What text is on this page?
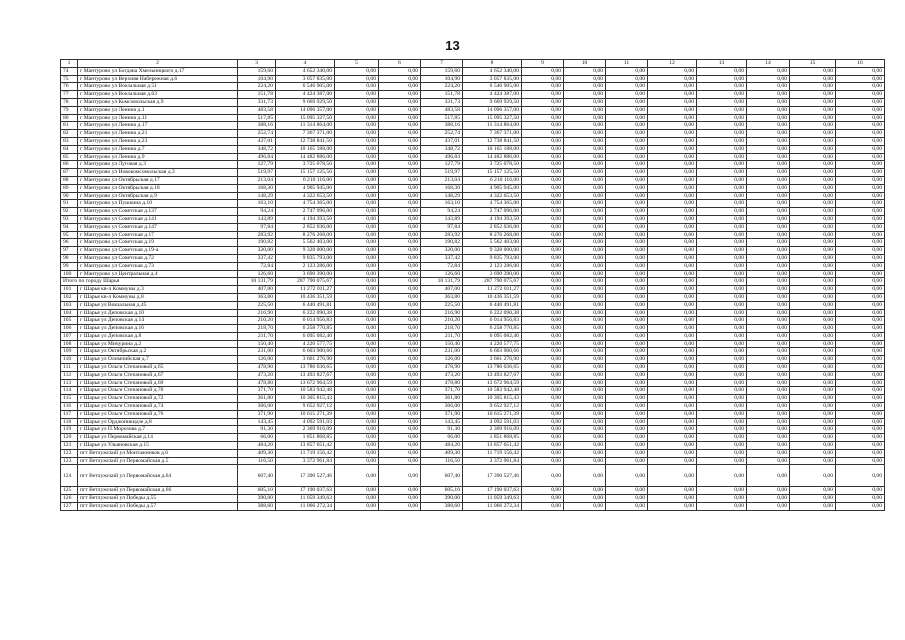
13
1	2	3	4	5	6	7	8	9	10	11	12	13	14	15	16
74	г Мантурово ул Богдана Хмельницкого д.17	159,60	4 652 340,00	0,00	0,00	159,60	4 652 340,00	0,00	0,00	0,00	0,00	0,00	0,00	0,00	0,00
75	г Мантурово ул Верхняя Набережная д.6	104,90	3 057 835,00	0,00	0,00	104,90	3 057 835,00	0,00	0,00	0,00	0,00	0,00	0,00	0,00	0,00
76	г Мантурово ул Вокзальная д.51	224,20	6 546 905,00	0,00	0,00	224,20	6 546 905,00	0,00	0,00	0,00	0,00	0,00	0,00	0,00	0,00
77	г Мантурово ул Вокзальная д.63	151,78	4 424 387,00	0,00	0,00	151,78	4 424 387,00	0,00	0,00	0,00	0,00	0,00	0,00	0,00	0,00
78	г Мантурово ул Комсомольская д.9	331,73	9 669 929,50	0,00	0,00	331,73	9 669 929,50	0,00	0,00	0,00	0,00	0,00	0,00	0,00	0,00
79	г Мантурово ул Ленина д.1	483,58	14 096 357,00	0,00	0,00	483,58	14 096 357,00	0,00	0,00	0,00	0,00	0,00	0,00	0,00	0,00
80	г Мантурово ул Ленина д.11	517,85	15 095 327,50	0,00	0,00	517,85	15 095 327,50	0,00	0,00	0,00	0,00	0,00	0,00	0,00	0,00
81	г Мантурово ул Ленина д.17	388,16	11 314 864,00	0,00	0,00	388,16	11 314 864,00	0,00	0,00	0,00	0,00	0,00	0,00	0,00	0,00
82	г Мантурово ул Ленина д.21	252,74	7 367 371,00	0,00	0,00	252,74	7 367 371,00	0,00	0,00	0,00	0,00	0,00	0,00	0,00	0,00
83	г Мантурово ул Ленина д.23	437,01	12 738 841,50	0,00	0,00	437,01	12 738 841,50	0,00	0,00	0,00	0,00	0,00	0,00	0,00	0,00
84	г Мантурово ул Ленина д.7	348,72	10 165 188,00	0,00	0,00	348,72	10 165 188,00	0,00	0,00	0,00	0,00	0,00	0,00	0,00	0,00
85	г Мантурово ул Ленина д.9	496,84	14 482 886,00	0,00	0,00	496,84	14 482 886,00	0,00	0,00	0,00	0,00	0,00	0,00	0,00	0,00
86	г Мантурово ул Луговая д.3	127,79	3 725 078,50	0,00	0,00	127,79	3 725 078,50	0,00	0,00	0,00	0,00	0,00	0,00	0,00	0,00
87	г Мантурово ул Новокомсомольская д.3	519,97	15 157 125,50	0,00	0,00	519,97	15 157 125,50	0,00	0,00	0,00	0,00	0,00	0,00	0,00	0,00
88	г Мантурово ул Октябрьская д.17	213,04	6 210 116,00	0,00	0,00	213,04	6 210 116,00	0,00	0,00	0,00	0,00	0,00	0,00	0,00	0,00
89	г Мантурово ул Октябрьская д.18	168,30	4 905 945,00	0,00	0,00	168,30	4 905 945,00	0,00	0,00	0,00	0,00	0,00	0,00	0,00	0,00
90	г Мантурово ул Октябрьская д.9	148,29	4 322 653,50	0,00	0,00	148,29	4 322 653,50	0,00	0,00	0,00	0,00	0,00	0,00	0,00	0,00
91	г Мантурово ул Пушкина д.10	163,10	4 754 365,00	0,00	0,00	163,10	4 754 365,00	0,00	0,00	0,00	0,00	0,00	0,00	0,00	0,00
92	г Мантурово ул Советская д.137	94,24	2 747 096,00	0,00	0,00	94,24	2 747 096,00	0,00	0,00	0,00	0,00	0,00	0,00	0,00	0,00
93	г Мантурово ул Советская д.141	143,89	4 194 393,50	0,00	0,00	143,89	4 194 393,50	0,00	0,00	0,00	0,00	0,00	0,00	0,00	0,00
94	г Мантурово ул Советская д.147	97,84	2 852 036,00	0,00	0,00	97,84	2 852 036,00	0,00	0,00	0,00	0,00	0,00	0,00	0,00	0,00
95	г Мантурово ул Советская д.17	283,92	8 276 268,00	0,00	0,00	283,92	8 276 268,00	0,00	0,00	0,00	0,00	0,00	0,00	0,00	0,00
96	г Мантурово ул Советская д.19	190,82	5 562 403,00	0,00	0,00	190,82	5 562 403,00	0,00	0,00	0,00	0,00	0,00	0,00	0,00	0,00
97	г Мантурово ул Советская д.19-а	320,00	9 328 000,00	0,00	0,00	320,00	9 328 000,00	0,00	0,00	0,00	0,00	0,00	0,00	0,00	0,00
98	г Мантурово ул Советская д.72	337,42	9 835 793,00	0,00	0,00	337,42	9 835 793,00	0,00	0,00	0,00	0,00	0,00	0,00	0,00	0,00
99	г Мантурово ул Советская д.73	72,84	2 123 286,00	0,00	0,00	72,84	2 123 286,00	0,00	0,00	0,00	0,00	0,00	0,00	0,00	0,00
100	г Мантурово ул Центральная д.4	126,60	3 690 390,00	0,00	0,00	126,60	3 690 390,00	0,00	0,00	0,00	0,00	0,00	0,00	0,00	0,00
Итого по городу Шарья		10 131,79	287 790 075,67	0,00	0,00	10 131,79	287 790 075,67	0,00	0,00	0,00	0,00	0,00	0,00	0,00	0,00
101	г Шарья кв-л Коммуны д.3	407,00	11 272 011,27	0,00	0,00	407,00	11 272 011,27	0,00	0,00	0,00	0,00	0,00	0,00	0,00	0,00
102	г Шарья кв-л Коммуны д.8	363,80	10 436 351,59	0,00	0,00	363,80	10 436 351,59	0,00	0,00	0,00	0,00	0,00	0,00	0,00	0,00
103	г Шарья ул Вокзальная д.45	225,50	6 440 491,81	0,00	0,00	225,50	6 440 491,81	0,00	0,00	0,00	0,00	0,00	0,00	0,00	0,00
104	г Шарья ул Деповская д.10	216,90	6 222 090,38	0,00	0,00	216,90	6 222 090,38	0,00	0,00	0,00	0,00	0,00	0,00	0,00	0,00
105	г Шарья ул Деповская д.14	210,20	6 014 956,83	0,00	0,00	210,20	6 014 956,83	0,00	0,00	0,00	0,00	0,00	0,00	0,00	0,00
106	г Шарья ул Деповская д.16	218,70	6 258 770,85	0,00	0,00	218,70	6 258 770,85	0,00	0,00	0,00	0,00	0,00	0,00	0,00	0,00
107	г Шарья ул Деповская д.8	211,70	6 095 082,40	0,00	0,00	211,70	6 095 082,40	0,00	0,00	0,00	0,00	0,00	0,00	0,00	0,00
108	г Шарья ул Мичурина д.2	150,40	4 220 577,75	0,00	0,00	150,40	4 220 577,75	0,00	0,00	0,00	0,00	0,00	0,00	0,00	0,00
109	г Шарья ул Октябрьская д.2	231,00	6 603 900,66	0,00	0,00	231,00	6 603 900,66	0,00	0,00	0,00	0,00	0,00	0,00	0,00	0,00
110	г Шарья ул Олимпийская д.7	126,00	3 661 276,90	0,00	0,00	126,00	3 661 276,90	0,00	0,00	0,00	0,00	0,00	0,00	0,00	0,00
111	г Шарья ул Ольги Степановой д.65	478,90	13 786 036,65	0,00	0,00	478,90	13 786 036,65	0,00	0,00	0,00	0,00	0,00	0,00	0,00	0,00
112	г Шарья ул Ольги Степановой д.67	473,20	13 493 827,67	0,00	0,00	473,20	13 493 827,67	0,00	0,00	0,00	0,00	0,00	0,00	0,00	0,00
113	г Шарья ул Ольги Степановой д.69	478,80	13 672 964,59	0,00	0,00	478,80	13 672 964,59	0,00	0,00	0,00	0,00	0,00	0,00	0,00	0,00
114	г Шарья ул Ольги Степановой д.70	371,70	10 583 942,48	0,00	0,00	371,70	10 583 942,48	0,00	0,00	0,00	0,00	0,00	0,00	0,00	0,00
115	г Шарья ул Ольги Степановой д.72	361,80	10 305 815,43	0,00	0,00	361,80	10 305 815,43	0,00	0,00	0,00	0,00	0,00	0,00	0,00	0,00
116	г Шарья ул Ольги Степановой д.74	366,00	9 652 927,12	0,00	0,00	366,00	9 652 927,12	0,00	0,00	0,00	0,00	0,00	0,00	0,00	0,00
117	г Шарья ул Ольги Степановой д.76	371,90	10 615 271,39	0,00	0,00	371,90	10 615 271,39	0,00	0,00	0,00	0,00	0,00	0,00	0,00	0,00
118	г Шарья ул Орджоникидзе д.8	143,45	4 092 591,03	0,00	0,00	143,45	4 092 591,03	0,00	0,00	0,00	0,00	0,00	0,00	0,00	0,00
119	г Шарья ул П.Морозова д.7	91,30	2 369 916,09	0,00	0,00	91,30	2 369 916,09	0,00	0,00	0,00	0,00	0,00	0,00	0,00	0,00
120	г Шарья ул Первомайская д.14	66,00	1 851 868,85	0,00	0,00	66,00	1 851 868,85	0,00	0,00	0,00	0,00	0,00	0,00	0,00	0,00
121	г Шарья ул Ульяновская д.15	484,20	13 857 651,42	0,00	0,00	484,20	13 857 651,42	0,00	0,00	0,00	0,00	0,00	0,00	0,00	0,00
122	пгт Ветлужский ул Монтажников д.6	409,30	11 719 156,42	0,00	0,00	409,30	11 719 156,42	0,00	0,00	0,00	0,00	0,00	0,00	0,00	0,00
123	пгт Ветлужский ул Первомайская д.5	116,50	3 372 961,84	0,00	0,00	116,50	3 372 961,84	0,00	0,00	0,00	0,00	0,00	0,00	0,00	0,00
124	пгт Ветлужский ул Первомайская д.64	607,40	17 390 527,46	0,00	0,00	607,40	17 390 527,46	0,00	0,00	0,00	0,00	0,00	0,00	0,00	0,00
125	пгт Ветлужский ул Первомайская д.66	605,10	17 190 037,63	0,00	0,00	605,10	17 190 037,63	0,00	0,00	0,00	0,00	0,00	0,00	0,00	0,00
126	пгт Ветлужский ул Победы д.55	390,00	11 059 349,63	0,00	0,00	390,00	11 059 349,63	0,00	0,00	0,00	0,00	0,00	0,00	0,00	0,00
127	пгт Ветлужский ул Победы д.57	388,60	11 066 272,34	0,00	0,00	388,60	11 066 272,34	0,00	0,00	0,00	0,00	0,00	0,00	0,00	0,00
